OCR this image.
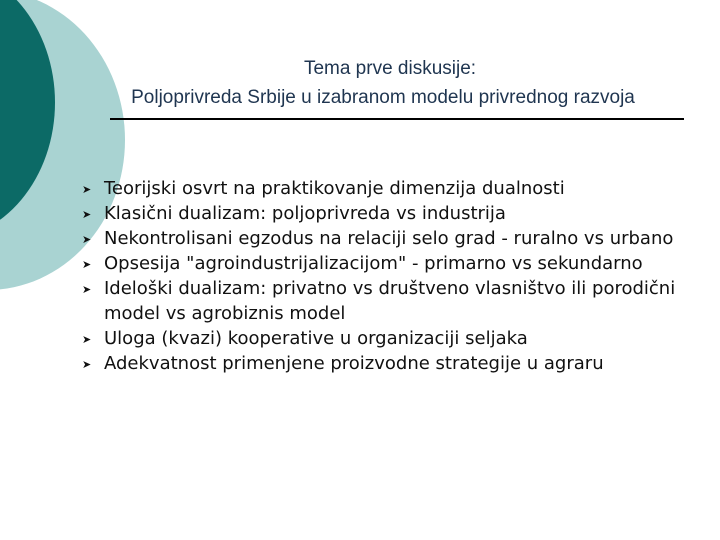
Tema prve diskusije:
Poljoprivreda Srbije u izabranom modelu privrednog razvoja
➤ Teorijski osvrt na praktikovanje dimenzija dualnosti
➤ Klasični dualizam: poljoprivreda vs industrija
➤ Nekontrolisani egzodus na relaciji selo grad - ruralno vs urbano
➤ Opsesija "agroindustrijalizacijom" - primarno vs sekundarno
➤ Ideloški dualizam: privatno vs društveno vlasništvo ili porodični model vs agrobiznis model
➤ Uloga (kvazi) kooperative u organizaciji seljaka
➤ Adekvatnost primenjene proizvodne strategije u agraru
